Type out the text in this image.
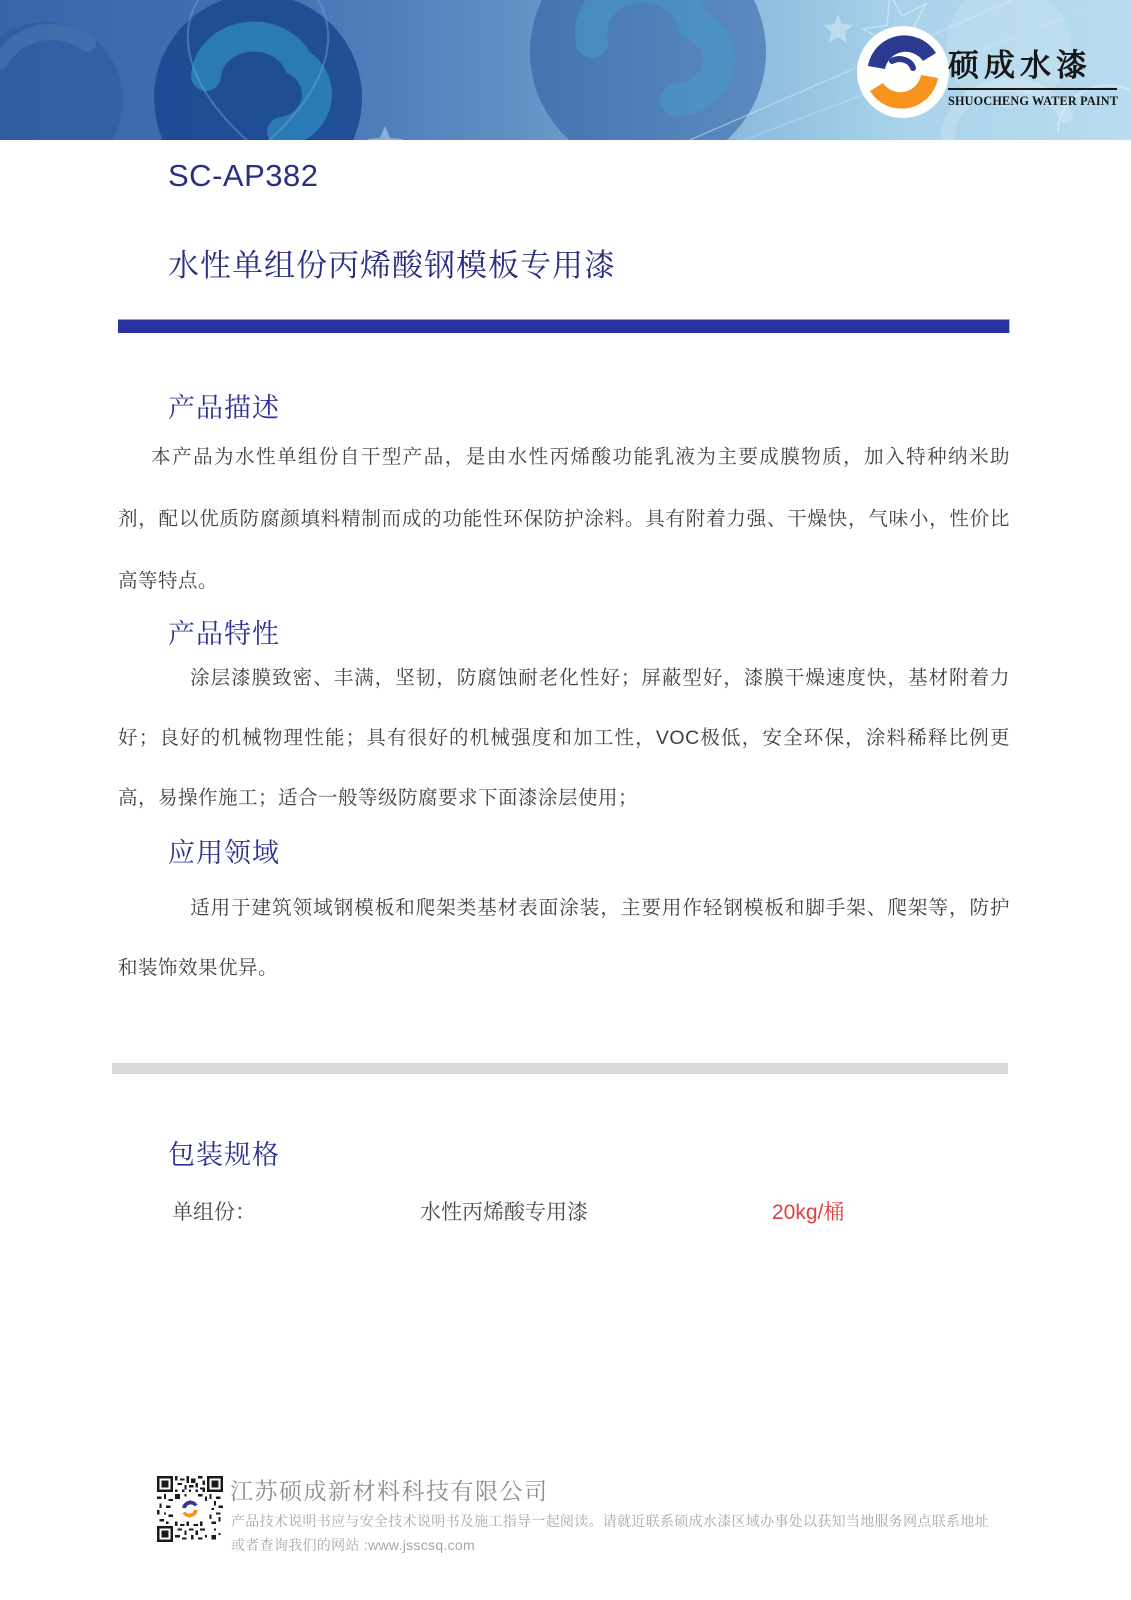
硕成水漆
SHUOCHENG WATER PAINT
SC-AP382
水性单组份丙烯酸钢模板专用漆
产品描述
本产品为水性单组份自干型产品，是由水性丙烯酸功能乳液为主要成膜物质，加入特种纳米助剂，配以优质防腐颜填料精制而成的功能性环保防护涂料。具有附着力强、干燥快，气味小，性价比高等特点。
产品特性
涂层漆膜致密、丰满，坚韧，防腐蚀耐老化性好；屏蔽型好，漆膜干燥速度快，基材附着力好；良好的机械物理性能；具有很好的机械强度和加工性，VOC极低，安全环保，涂料稀释比例更高，易操作施工；适合一般等级防腐要求下面漆涂层使用；
应用领域
适用于建筑领域钢模板和爬架类基材表面涂装，主要用作轻钢模板和脚手架、爬架等，防护和装饰效果优异。
包装规格
单组份：	水性丙烯酸专用漆	20kg/桶
江苏硕成新材料科技有限公司
产品技术说明书应与安全技术说明书及施工指导一起阅读。请就近联系硕成水漆区域办事处以获知当地服务网点联系地址
或者查询我们的网站 :www.jsscsq.com
